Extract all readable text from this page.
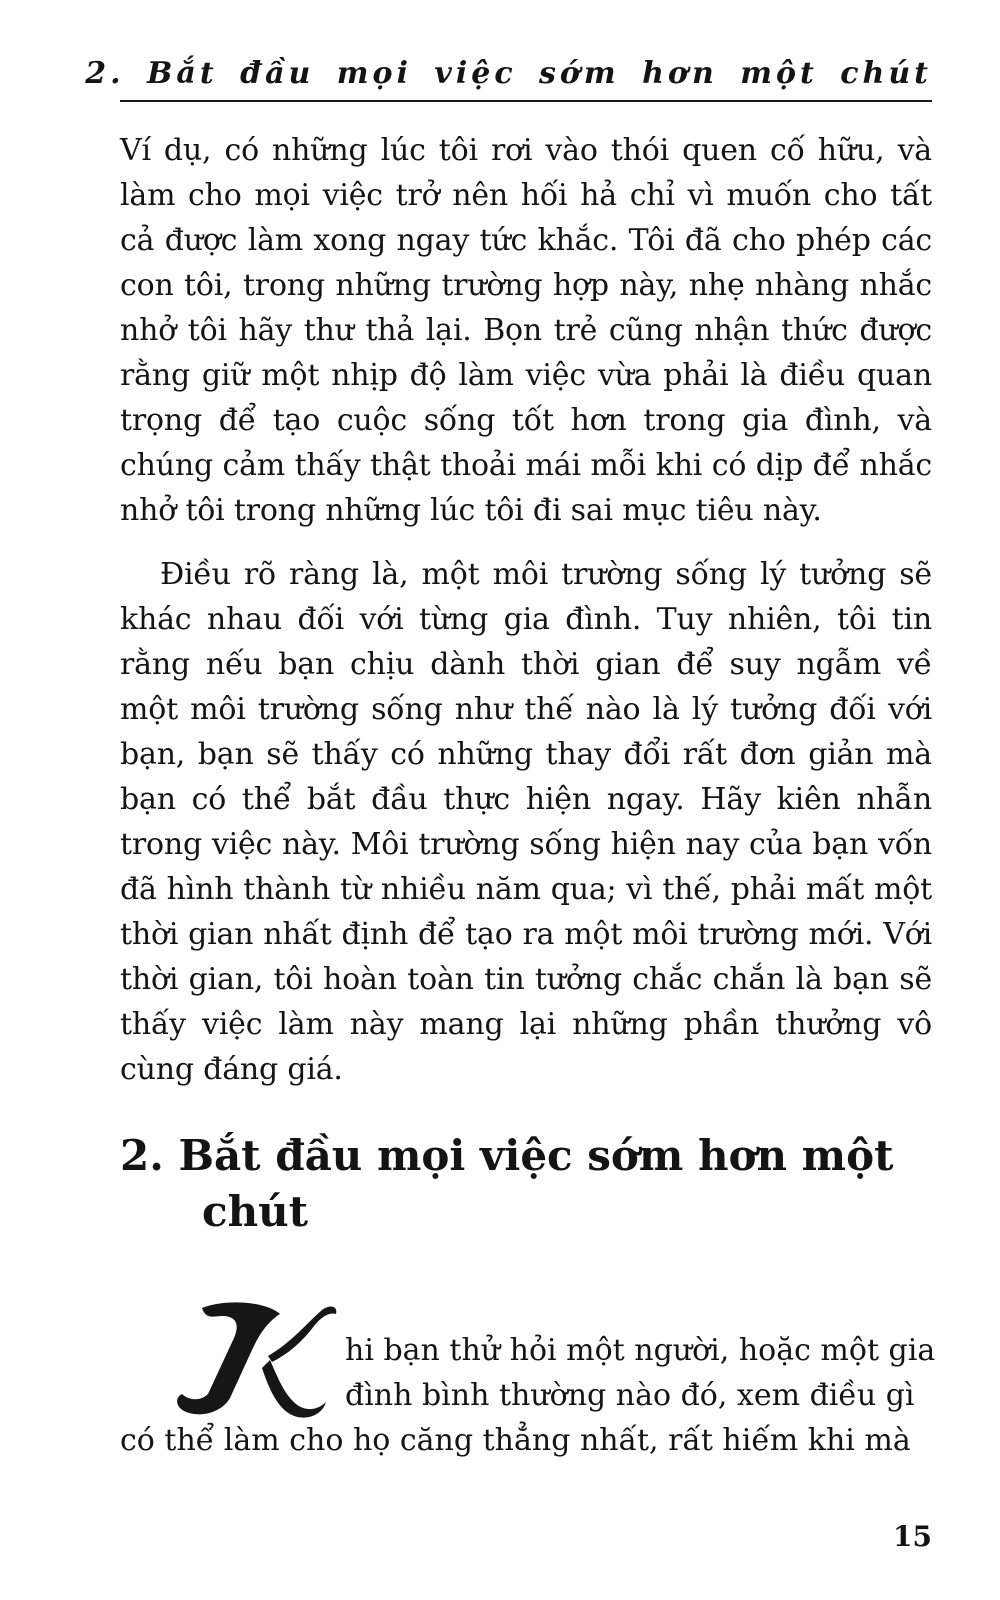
2. Bắt đầu mọi việc sớm hơn một chút

Ví dụ, có những lúc tôi rơi vào thói quen cố hữu, và làm cho mọi việc trở nên hối hả chỉ vì muốn cho tất cả được làm xong ngay tức khắc. Tôi đã cho phép các con tôi, trong những trường hợp này, nhẹ nhàng nhắc nhở tôi hãy thư thả lại. Bọn trẻ cũng nhận thức được rằng giữ một nhịp độ làm việc vừa phải là điều quan trọng để tạo cuộc sống tốt hơn trong gia đình, và chúng cảm thấy thật thoải mái mỗi khi có dịp để nhắc nhở tôi trong những lúc tôi đi sai mục tiêu này.

Điều rõ ràng là, một môi trường sống lý tưởng sẽ khác nhau đối với từng gia đình. Tuy nhiên, tôi tin rằng nếu bạn chịu dành thời gian để suy ngẫm về một môi trường sống như thế nào là lý tưởng đối với bạn, bạn sẽ thấy có những thay đổi rất đơn giản mà bạn có thể bắt đầu thực hiện ngay. Hãy kiên nhẫn trong việc này. Môi trường sống hiện nay của bạn vốn đã hình thành từ nhiều năm qua; vì thế, phải mất một thời gian nhất định để tạo ra một môi trường mới. Với thời gian, tôi hoàn toàn tin tưởng chắc chắn là bạn sẽ thấy việc làm này mang lại những phần thưởng vô cùng đáng giá.

2. Bắt đầu mọi việc sớm hơn một
chút
hi bạn thử hỏi một người, hoặc một gia
đình bình thường nào đó, xem điều gì
có thể làm cho họ căng thẳng nhất, rất hiếm khi mà
15
